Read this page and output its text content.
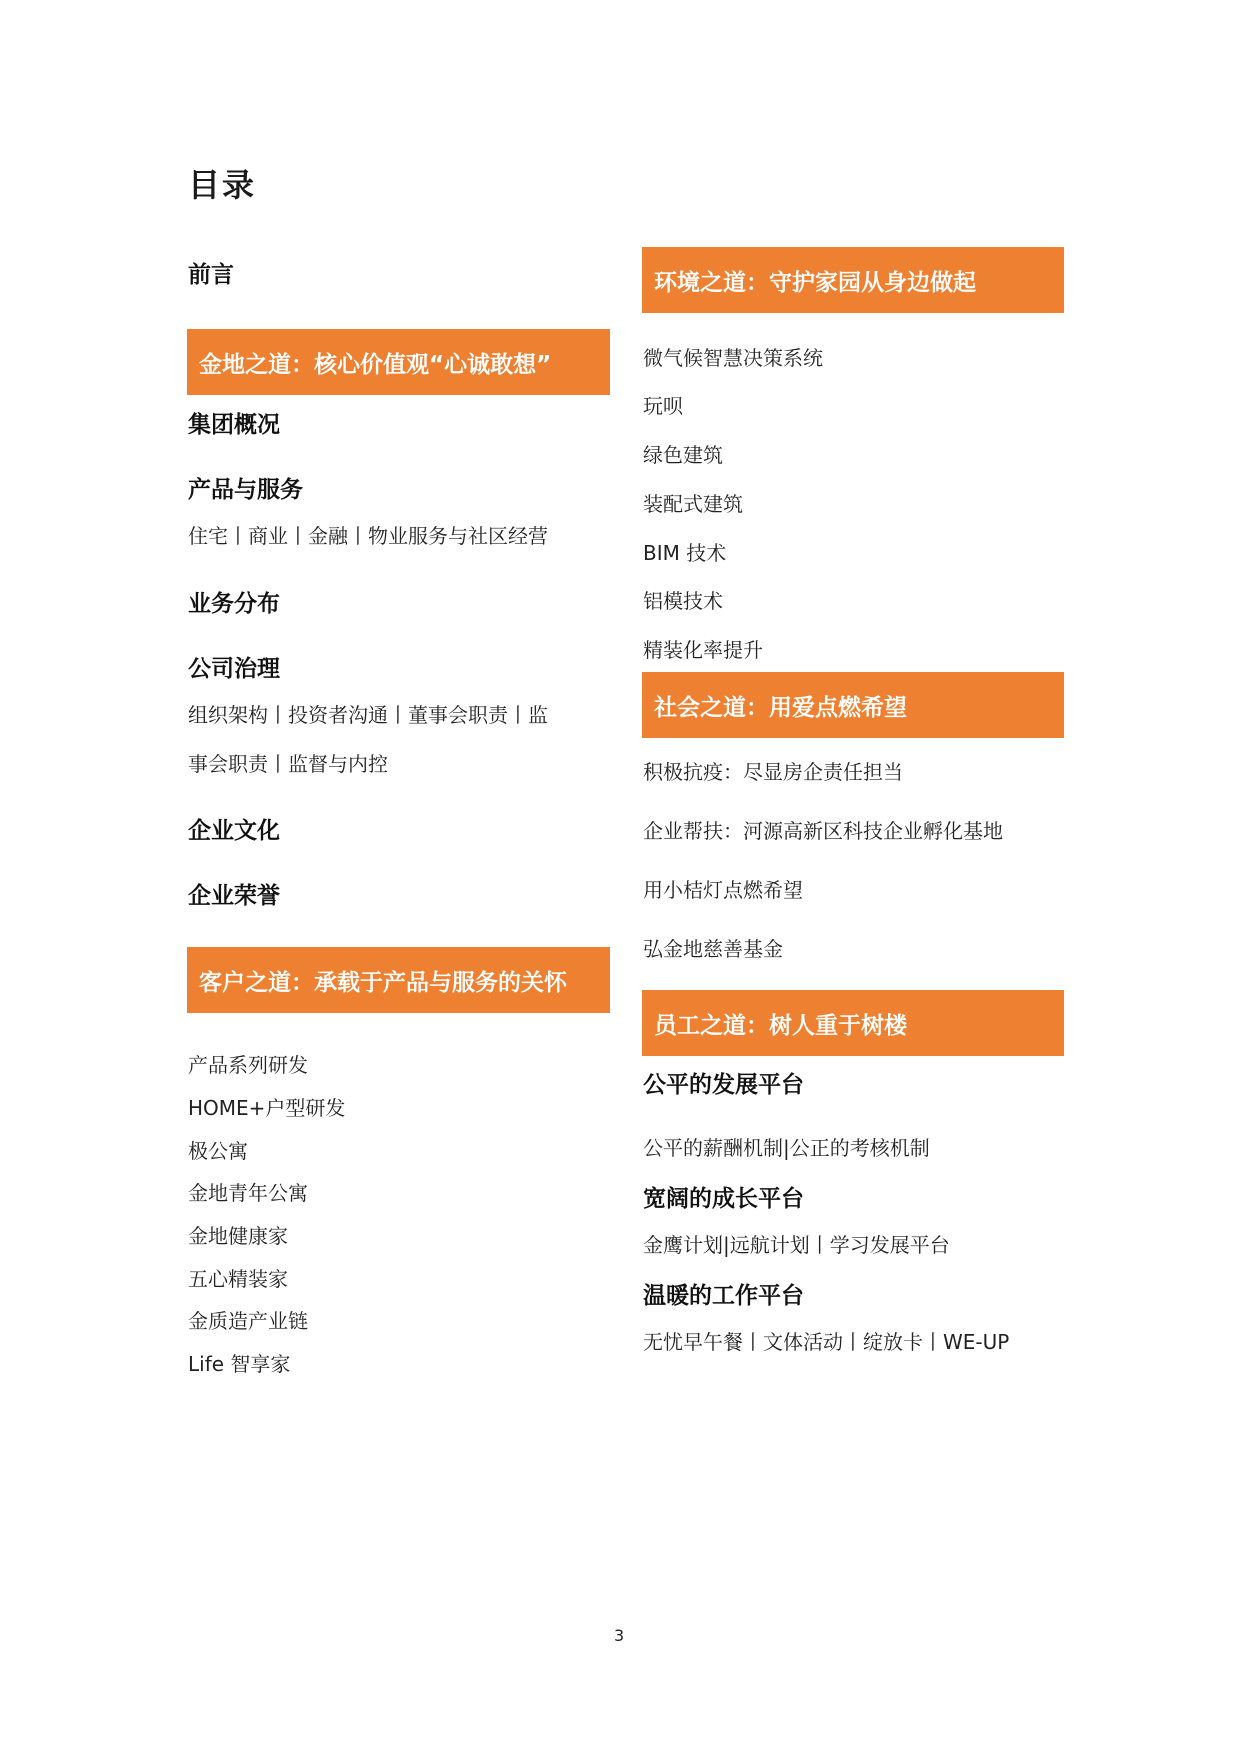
目录
前言
金地之道：核心价值观“心诚敢想”
集团概况
产品与服务
住宅丨商业丨金融丨物业服务与社区经营
业务分布
公司治理
组织架构丨投资者沟通丨董事会职责丨监
事会职责丨监督与内控
企业文化
企业荣誉
客户之道：承载于产品与服务的关怀
产品系列研发
HOME+户型研发
极公寓
金地青年公寓
金地健康家
五心精装家
金质造产业链
Life 智享家
环境之道：守护家园从身边做起
微气候智慧决策系统
玩呗
绿色建筑
装配式建筑
BIM 技术
铝模技术
精装化率提升
社会之道：用爱点燃希望
积极抗疫：尽显房企责任担当
企业帮扶：河源高新区科技企业孵化基地
用小桔灯点燃希望
弘金地慈善基金
员工之道：树人重于树楼
公平的发展平台
公平的薪酬机制|公正的考核机制
宽阔的成长平台
金鹰计划|远航计划丨学习发展平台
温暖的工作平台
无忧早午餐丨文体活动丨绽放卡丨WE-UP
3
